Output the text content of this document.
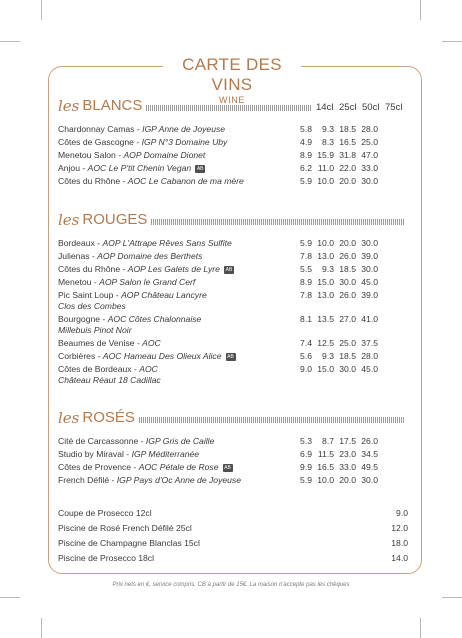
CARTE DES VINS
WINE
les BLANCS	14cl 25cl 50cl 75cl
Chardonnay Camas - IGP Anne de Joyeuse	5.8	9.3 18.5 28.0
Côtes de Gascogne - IGP N°3 Domaine Uby	4.9	8.3 16.5 25.0
Menetou Salon - AOP Domaine Dionet	8.9 15.9 31.8 47.0
Anjou - AOC Le P'tit Chenin Vegan AB	6.2 11.0 22.0 33.0
Côtes du Rhône - AOC Le Cabanon de ma mère	5.9 10.0 20.0 30.0
les ROUGES
Bordeaux - AOP L'Attrape Rêves Sans Sulfite	5.9 10.0 20.0 30.0
Julienas - AOP Domaine des Berthets	7.8 13.0 26.0 39.0
Côtes du Rhône - AOP Les Galets de Lyre AB	5.5	9.3 18.5 30.0
Menetou - AOP Salon le Grand Cerf	8.9 15.0 30.0 45.0
Pic Saint Loup - AOP Château Lancyre
Clos des Combes
7.8 13.0 26.0 39.0
Bourgogne - AOC Côtes Chalonnaise
Millebuis Pinot Noir
8.1 13.5 27.0 41.0
Beaumes de Venise - AOC	7.4 12.5 25.0 37.5
Corbières - AOC Hameau Des Olieux Alice AB	5.6	9.3 18.5 28.0
Côtes de Bordeaux - AOC
Château Réaut 18 Cadillac
9.0 15.0 30.0 45.0
les ROSÉS
Cité de Carcassonne - IGP Gris de Caille	5.3	8.7 17.5 26.0
Studio by Miraval - IGP Méditerranée	6.9 11.5 23.0 34.5
Côtes de Provence - AOC Pétale de Rose AB	9.9 16.5 33.0 49.5
French Défilé - IGP Pays d'Oc Anne de Joyeuse	5.9 10.0 20.0 30.0
Coupe de Prosecco 12cl	9.0
Piscine de Rosé French Défilé 25cl	12.0
Piscine de Champagne Blanclas 15cl	18.0
Piscine de Prosecco 18cl	14.0
Prix nets en €, service compris. CB à partir de 15€. La maison n'accepte pas les chèques
